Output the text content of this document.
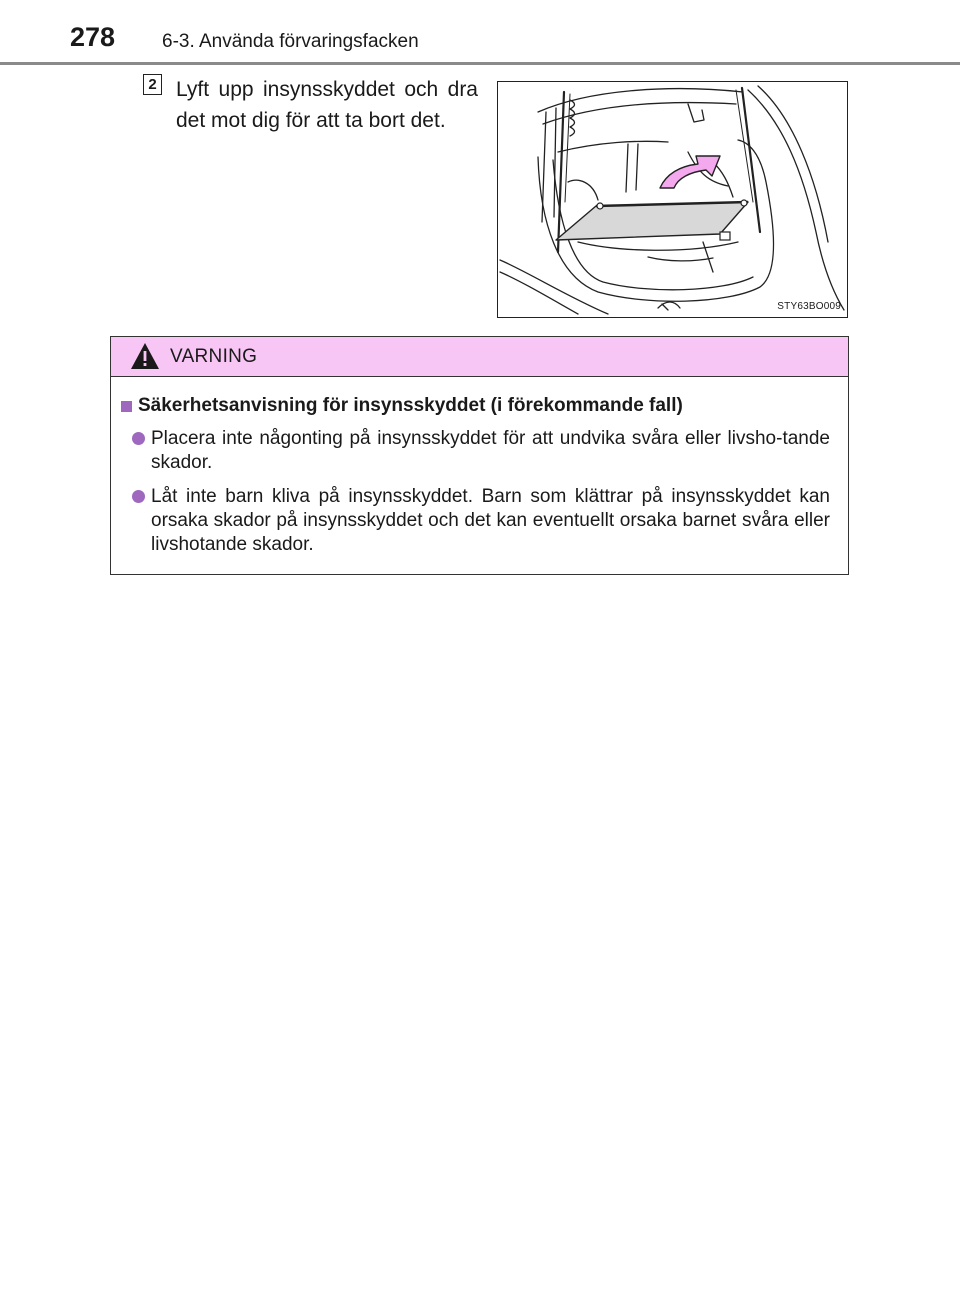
278 6-3. Använda förvaringsfacken
2 Lyft upp insynsskyddet och dra det mot dig för att ta bort det.
STY63BO009
VARNING
Säkerhetsanvisning för insynsskyddet (i förekommande fall)
Placera inte någonting på insynsskyddet för att undvika svåra eller livsho-tande skador.
Låt inte barn kliva på insynsskyddet. Barn som klättrar på insynsskyddet kan orsaka skador på insynsskyddet och det kan eventuellt orsaka barnet svåra eller livshotande skador.
